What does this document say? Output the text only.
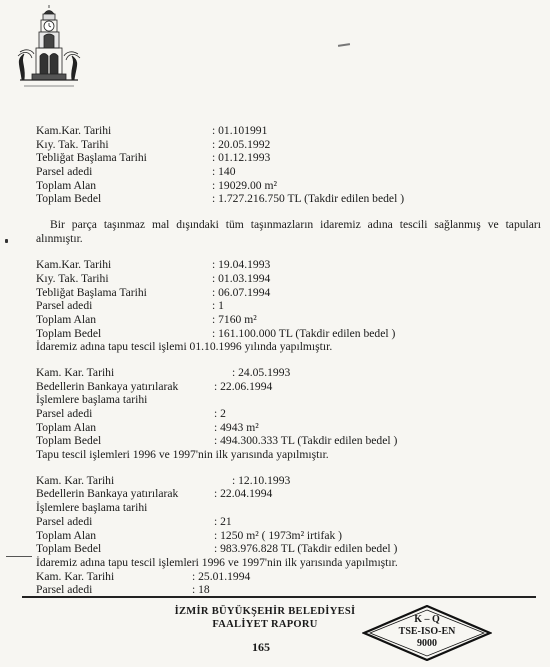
Kam.Kar. Tarihi	: 01.101991
Kıy. Tak. Tarihi	: 20.05.1992
Tebliğat Başlama Tarihi	: 01.12.1993
Parsel adedi	: 140
Toplam Alan	: 19029.00 m²
Toplam Bedel	: 1.727.216.750 TL (Takdir edilen bedel )

Bir parça taşınmaz mal dışındaki tüm taşınmazların idaremiz adına tescili sağlanmış ve tapuları alınmıştır.

Kam.Kar. Tarihi	: 19.04.1993
Kıy. Tak. Tarihi	: 01.03.1994
Tebliğat Başlama Tarihi	: 06.07.1994
Parsel adedi	: 1
Toplam Alan	: 7160 m²
Toplam Bedel	: 161.100.000 TL (Takdir edilen bedel )
İdaremiz adına tapu tescil işlemi 01.10.1996 yılında yapılmıştır.
Kam. Kar. Tarihi	: 24.05.1993
Bedellerin Bankaya yatırılarak	: 22.06.1994
İşlemlere başlama tarihi
Parsel adedi	: 2
Toplam Alan	: 4943 m²
Toplam Bedel	: 494.300.333 TL (Takdir edilen bedel )
Tapu tescil işlemleri 1996 ve 1997'nin ilk yarısında yapılmıştır.
Kam. Kar. Tarihi	: 12.10.1993
Bedellerin Bankaya yatırılarak	: 22.04.1994
İşlemlere başlama tarihi
Parsel adedi	: 21
Toplam Alan	: 1250 m² ( 1973m² irtifak )
Toplam Bedel	: 983.976.828 TL (Takdir edilen bedel )
İdaremiz adına tapu tescil işlemleri 1996 ve 1997'nin ilk yarısında yapılmıştır.
Kam. Kar. Tarihi	: 25.01.1994
Parsel adedi	: 18
İZMİR BÜYÜKŞEHİR BELEDİYESİ
FAALİYET RAPORU
165
K – Q
TSE-ISO-EN
9000
